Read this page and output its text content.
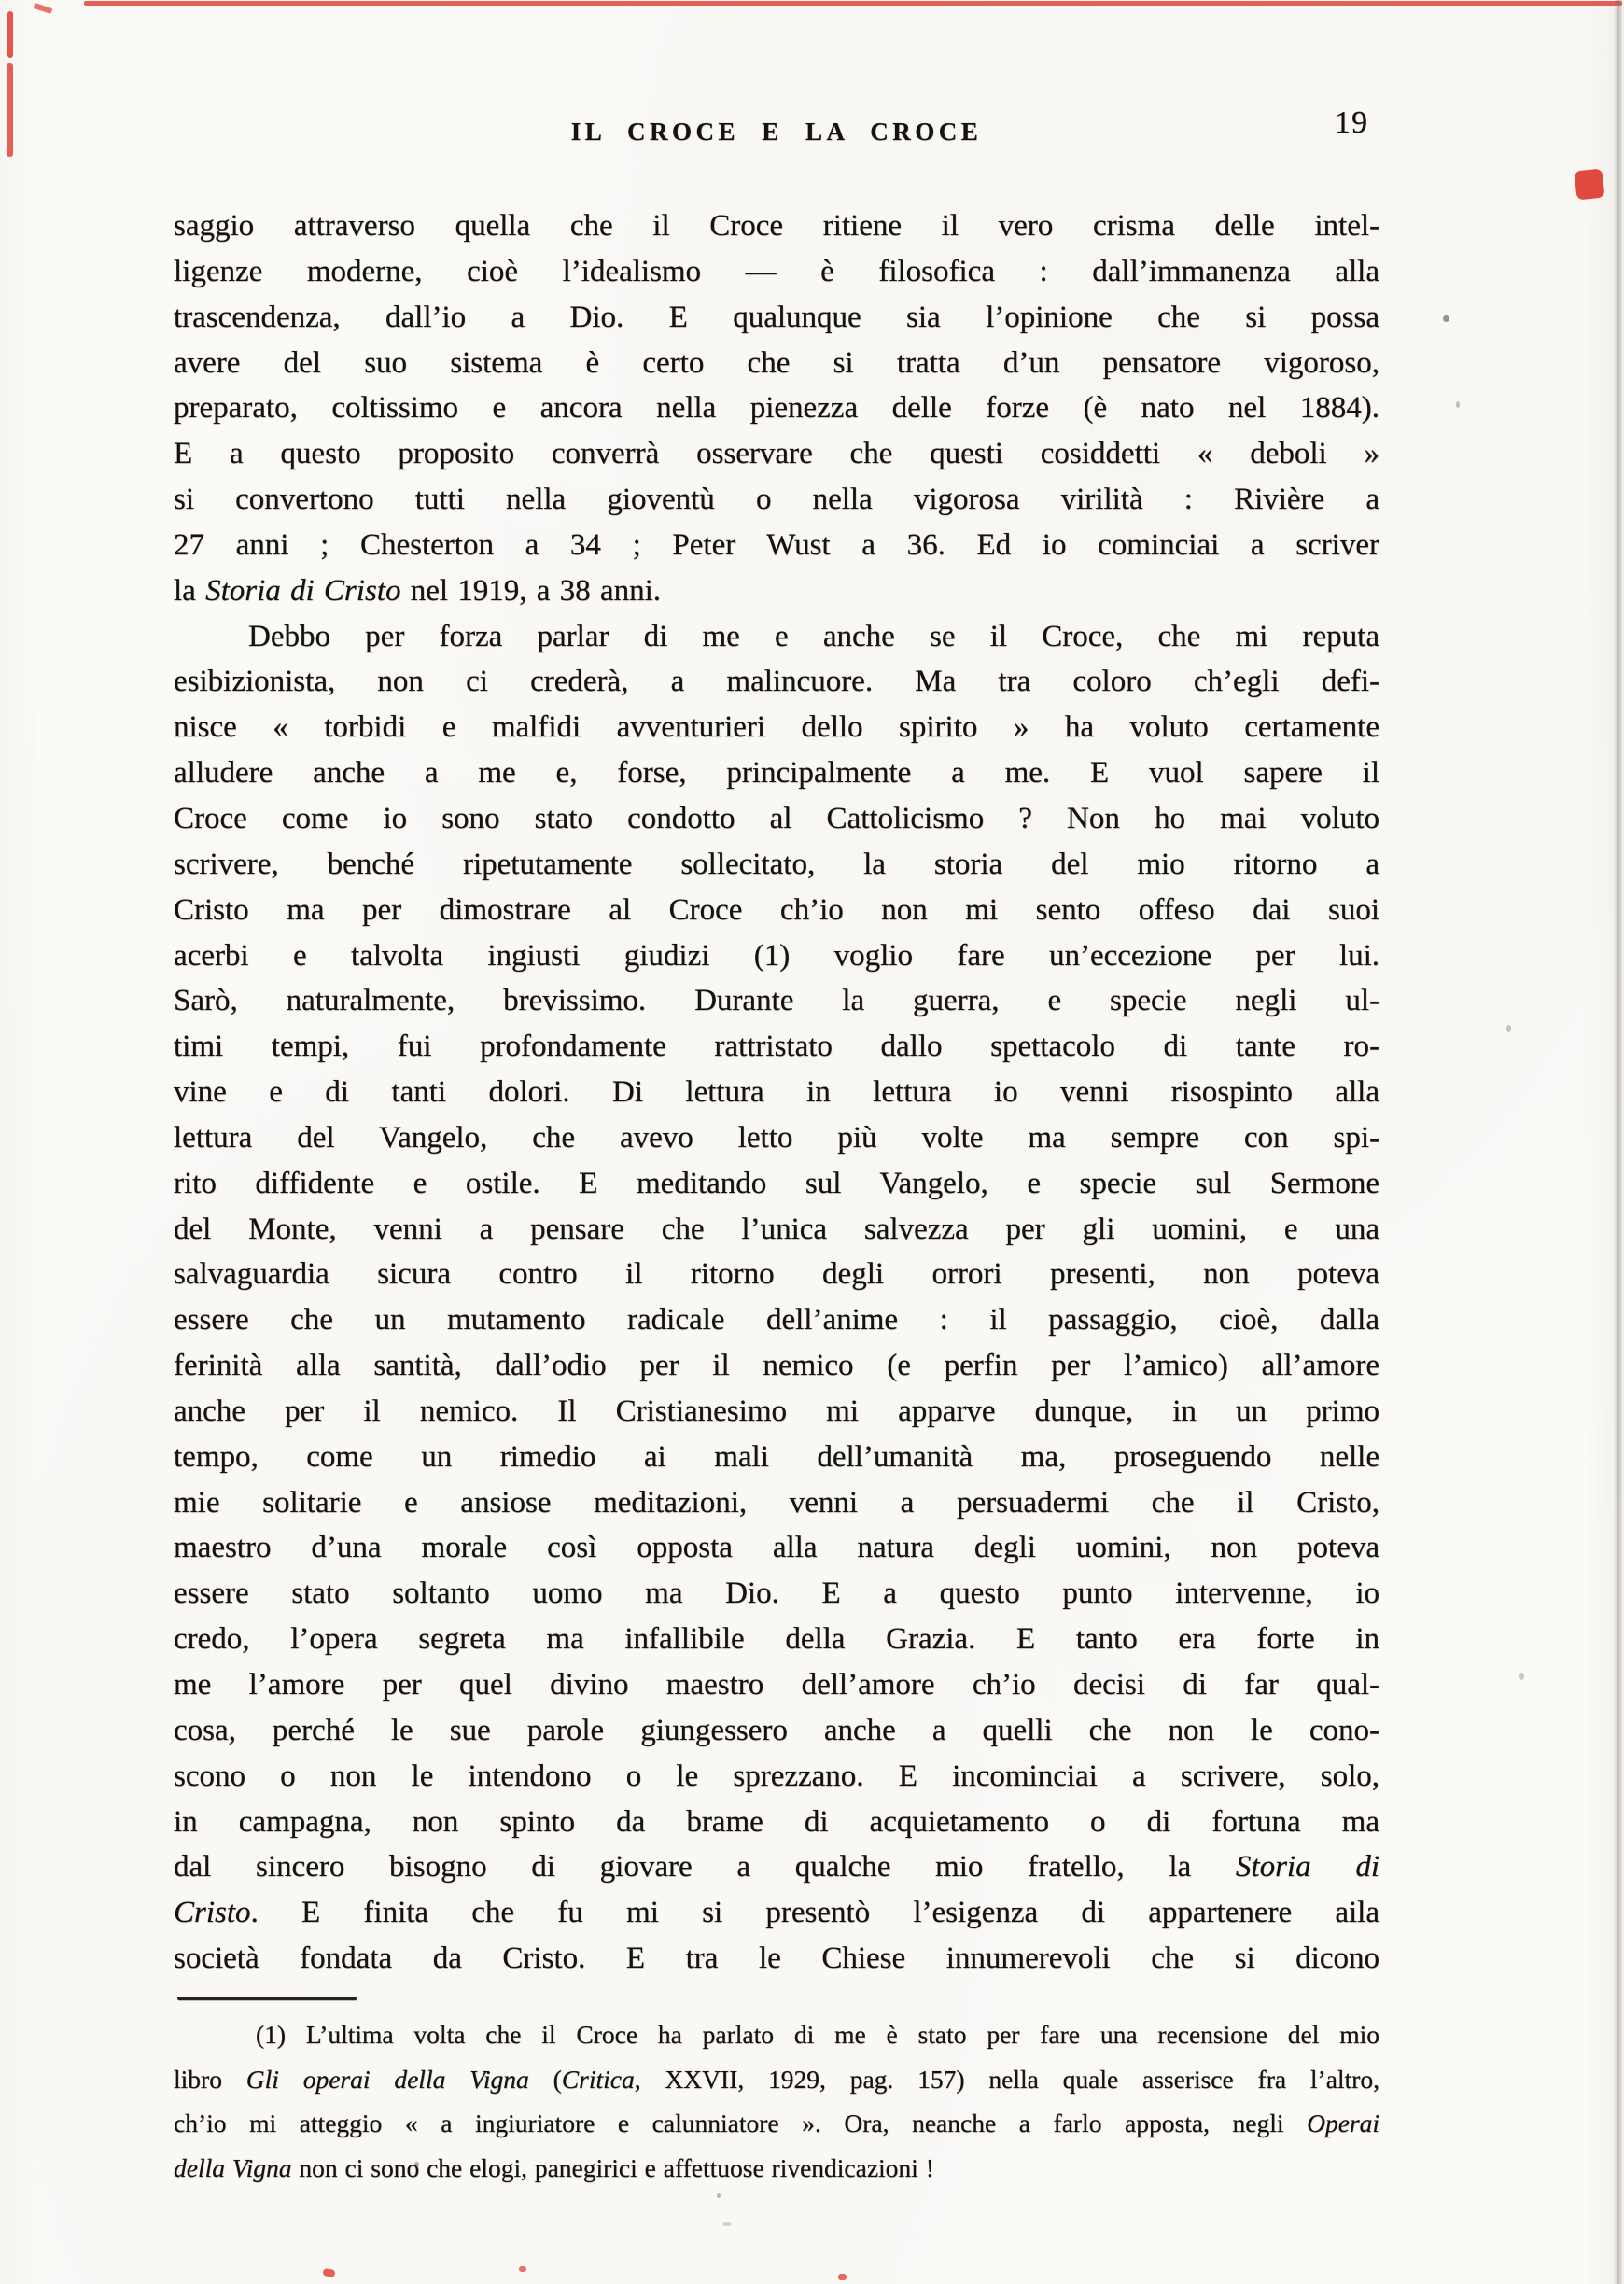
IL CROCE E LA CROCE	19
saggio attraverso quella che il Croce ritiene il vero crisma delle intel-
ligenze moderne, cioè l’idealismo — è filosofica : dall’immanenza alla
trascendenza, dall’io a Dio. E qualunque sia l’opinione che si possa
avere del suo sistema è certo che si tratta d’un pensatore vigoroso,
preparato, coltissimo e ancora nella pienezza delle forze (è nato nel 1884).
E a questo proposito converrà osservare che questi cosiddetti « deboli »
si convertono tutti nella gioventù o nella vigorosa virilità : Rivière a
27 anni ; Chesterton a 34 ; Peter Wust a 36. Ed io cominciai a scriver
la Storia di Cristo nel 1919, a 38 anni.
Debbo per forza parlar di me e anche se il Croce, che mi reputa
esibizionista, non ci crederà, a malincuore. Ma tra coloro ch’egli defi-
nisce « torbidi e malfidi avventurieri dello spirito » ha voluto certamente
alludere anche a me e, forse, principalmente a me. E vuol sapere il
Croce come io sono stato condotto al Cattolicismo ? Non ho mai voluto
scrivere, benché ripetutamente sollecitato, la storia del mio ritorno a
Cristo ma per dimostrare al Croce ch’io non mi sento offeso dai suoi
acerbi e talvolta ingiusti giudizi (1) voglio fare un’eccezione per lui.
Sarò, naturalmente, brevissimo. Durante la guerra, e specie negli ul-
timi tempi, fui profondamente rattristato dallo spettacolo di tante ro-
vine e di tanti dolori. Di lettura in lettura io venni risospinto alla
lettura del Vangelo, che avevo letto più volte ma sempre con spi-
rito diffidente e ostile. E meditando sul Vangelo, e specie sul Sermone
del Monte, venni a pensare che l’unica salvezza per gli uomini, e una
salvaguardia sicura contro il ritorno degli orrori presenti, non poteva
essere che un mutamento radicale dell’anime : il passaggio, cioè, dalla
ferinità alla santità, dall’odio per il nemico (e perfin per l’amico) all’amore
anche per il nemico. Il Cristianesimo mi apparve dunque, in un primo
tempo, come un rimedio ai mali dell’umanità ma, proseguendo nelle
mie solitarie e ansiose meditazioni, venni a persuadermi che il Cristo,
maestro d’una morale così opposta alla natura degli uomini, non poteva
essere stato soltanto uomo ma Dio. E a questo punto intervenne, io
credo, l’opera segreta ma infallibile della Grazia. E tanto era forte in
me l’amore per quel divino maestro dell’amore ch’io decisi di far qual-
cosa, perché le sue parole giungessero anche a quelli che non le cono-
scono o non le intendono o le sprezzano. E incominciai a scrivere, solo,
in campagna, non spinto da brame di acquietamento o di fortuna ma
dal sincero bisogno di giovare a qualche mio fratello, la Storia di
Cristo. E finita che fu mi si presentò l’esigenza di appartenere aila
società fondata da Cristo. E tra le Chiese innumerevoli che si dicono
(1) L’ultima volta che il Croce ha parlato di me è stato per fare una recensione del mio
libro Gli operai della Vigna (Critica, XXVII, 1929, pag. 157) nella quale asserisce fra l’altro,
ch’io mi atteggio « a ingiuriatore e calunniatore ». Ora, neanche a farlo apposta, negli Operai
della Vigna non ci sono che elogi, panegirici e affettuose rivendicazioni !
